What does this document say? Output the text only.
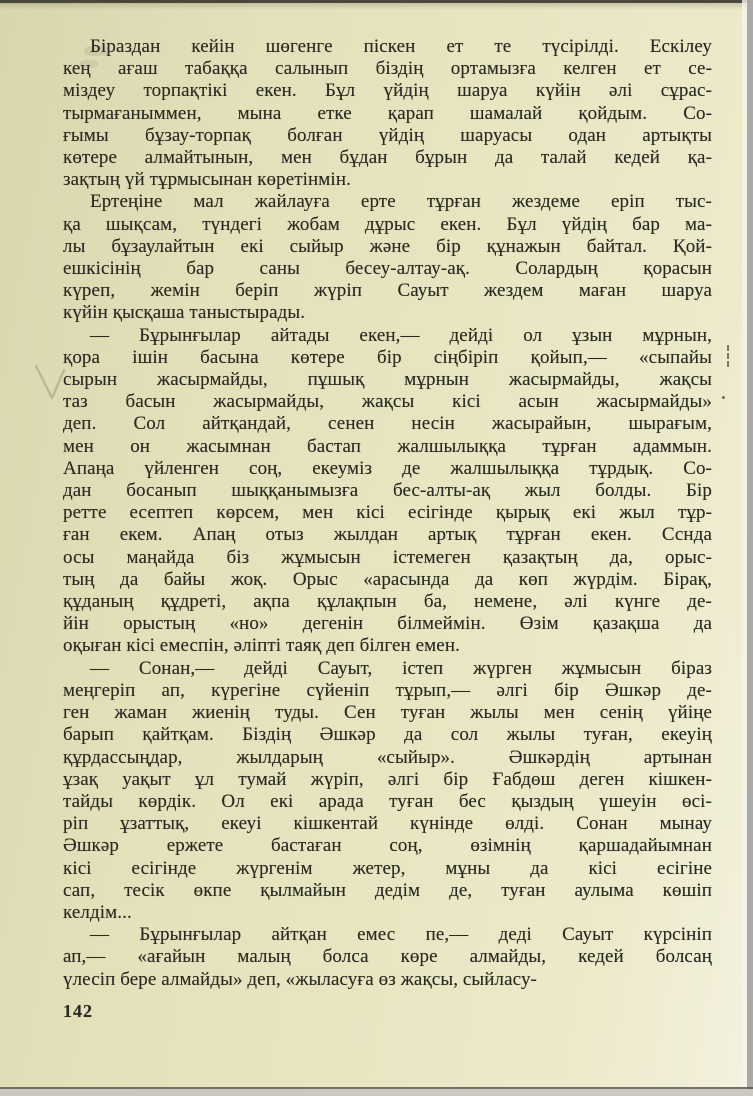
Біраздан кейін шөгенге піскен ет те түсірілді. Ескілеу
кең ағаш табаққа салынып біздің ортамызға келген ет се-
міздеу торпақтікі екен. Бұл үйдің шаруа күйін әлі сұрас-
тырмағаныммен, мына етке қарап шамалай қойдым. Со-
ғымы бұзау-торпақ болған үйдің шаруасы одан артықты
көтере алмайтынын, мен бұдан бұрын да талай кедей қа-
зақтың үй тұрмысынан көретінмін.
Ертеңіне мал жайлауға ерте тұрған жездеме еріп тыс-
қа шықсам, түндегі жобам дұрыс екен. Бұл үйдің бар ма-
лы бұзаулайтын екі сыйыр және бір құнажын байтал. Қой-
ешкісінің бар саны бесеу-алтау-ақ. Солардың қорасын
күреп, жемін беріп жүріп Сауыт жездем маған шаруа
күйін қысқаша таныстырады.
— Бұрынғылар айтады екен,— дейді ол ұзын мұрнын,
қора ішін басына көтере бір сіңбіріп қойып,— «сыпайы
сырын жасырмайды, пұшық мұрнын жасырмайды, жақсы
таз басын жасырмайды, жақсы кісі асын жасырмайды»
деп. Сол айтқандай, сенен несін жасырайын, шырағым,
мен он жасымнан бастап жалшылыққа тұрған адаммын.
Апаңа үйленген соң, екеуміз де жалшылыққа тұрдық. Со-
дан босанып шыққанымызға бес-алты-ақ жыл болды. Бір
ретте есептеп көрсем, мен кісі есігінде қырық екі жыл тұр-
ған екем. Апаң отыз жылдан артық тұрған екен. Сснда
осы маңайда біз жұмысын істемеген қазақтың да, орыс-
тың да байы жоқ. Орыс «арасында да көп жүрдім. Бірақ,
құданың құдреті, ақпа құлақпын ба, немене, әлі күнге де-
йін орыстың «но» дегенін білмеймін. Өзім қазақша да
оқыған кісі емеспін, әліпті таяқ деп білген емен.
— Сонан,— дейді Сауыт, істеп жүрген жұмысын біраз
меңгеріп ап, күрегіне сүйеніп тұрып,— әлгі бір Әшкәр де-
ген жаман жиенің туды. Сен туған жылы мен сенің үйіңе
барып қайтқам. Біздің Әшкәр да сол жылы туған, екеуің
құрдассыңдар, жылдарың «сыйыр». Әшкәрдің артынан
ұзақ уақыт ұл тумай жүріп, әлгі бір Ғабдөш деген кішкен-
тайды көрдік. Ол екі арада туған бес қыздың үшеуін өсі-
ріп ұзаттық, екеуі кішкентай күнінде өлді. Сонан мынау
Әшкәр ержете бастаған соң, өзімнің қаршадайымнан
кісі есігінде жүргенім жетер, мұны да кісі есігіне
сап, тесік өкпе қылмайын дедім де, туған аулыма көшіп
келдім...
— Бұрынғылар айтқан емес пе,— деді Сауыт күрсініп
ап,— «ағайын малың болса көре алмайды, кедей болсаң
үлесіп бере алмайды» деп, «жыласуға өз жақсы, сыйласу-
142
